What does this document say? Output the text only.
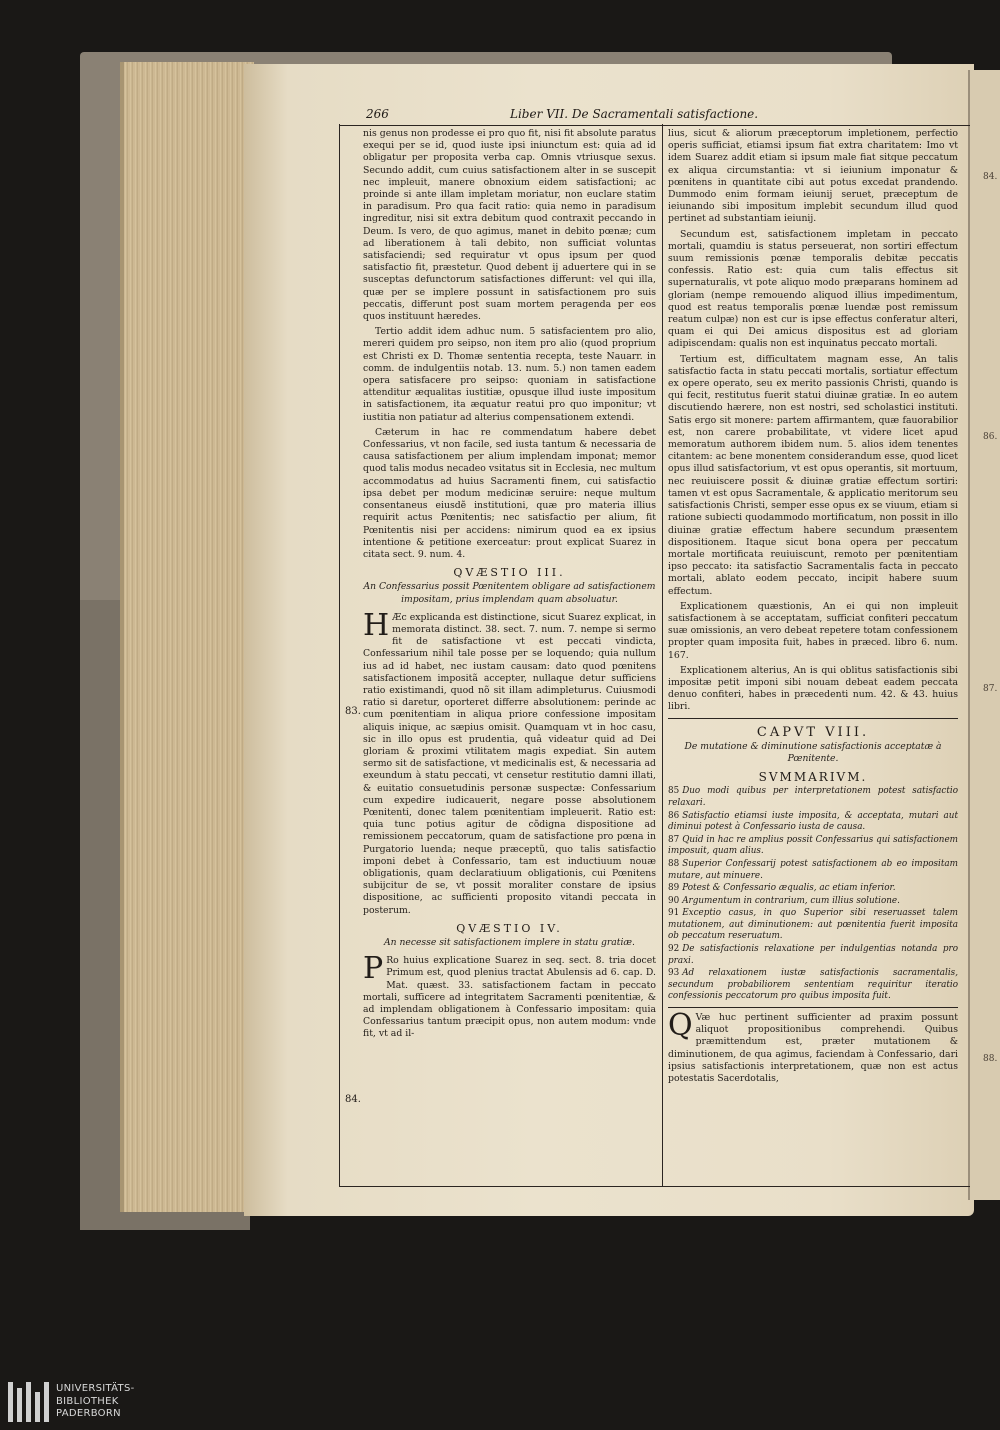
84.
86.
87.
88.
266	Liber VII. De Sacramentali satisfactione.
83.
84.

nis genus non prodesse ei pro quo fit, nisi fit absolute paratus exequi per se id, quod iuste ipsi iniunctum est: quia ad id obligatur per proposita verba cap. Omnis vtriusque sexus. Secundo addit, cum cuius satisfactionem alter in se suscepit nec impleuit, manere obnoxium eidem satisfactioni; ac proinde si ante illam impletam moriatur, non euclare statim in paradisum. Pro qua facit ratio: quia nemo in paradisum ingreditur, nisi sit extra debitum quod contraxit peccando in Deum. Is vero, de quo agimus, manet in debito pœnæ; cum ad liberationem à tali debito, non sufficiat voluntas satisfaciendi; sed requiratur vt opus ipsum per quod satisfactio fit, præstetur. Quod debent ij aduertere qui in se susceptas defunctorum satisfactiones differunt: vel qui illa, quæ per se implere possunt in satisfactionem pro suis peccatis, differunt post suam mortem peragenda per eos quos instituunt hæredes.

Tertio addit idem adhuc num. 5 satisfacientem pro alio, mereri quidem pro seipso, non item pro alio (quod proprium est Christi ex D. Thomæ sententia recepta, teste Nauarr. in comm. de indulgentiis notab. 13. num. 5.) non tamen eadem opera satisfacere pro seipso: quoniam in satisfactione attenditur æqualitas iustitiæ, opusque illud iuste impositum in satisfactionem, ita æquatur reatui pro quo imponitur; vt iustitia non patiatur ad alterius compensationem extendi.

Cæterum in hac re commendatum habere debet Confessarius, vt non facile, sed iusta tantum & necessaria de causa satisfactionem per alium implendam imponat; memor quod talis modus necadeo vsitatus sit in Ecclesia, nec multum accommodatus ad huius Sacramenti finem, cui satisfactio ipsa debet per modum medicinæ seruire: neque multum consentaneus eiusdẽ institutioni, quæ pro materia illius requirit actus Pœnitentis; nec satisfactio per alium, fit Pœnitentis nisi per accidens: nimirum quod ea ex ipsius intentione & petitione exerceatur: prout explicat Suarez in citata sect. 9. num. 4.

QVÆSTIO III.
An Confessarius possit Pœnitentem obligare ad satisfactionem impositam, prius implendam quam absoluatur.

H Æc explicanda est distinctione, sicut Suarez explicat, in memorata distinct. 38. sect. 7. num. 7. nempe si sermo fit de satisfactione vt est peccati vindicta, Confessarium nihil tale posse per se loquendo; quia nullum ius ad id habet, nec iustam causam: dato quod pœnitens satisfactionem impositã accepter, nullaque detur sufficiens ratio existimandi, quod nõ sit illam adimpleturus. Cuiusmodi ratio si daretur, oporteret differre absolutionem: perinde ac cum pœnitentiam in aliqua priore confessione impositam aliquis inique, ac sæpius omisit. Quamquam vt in hoc casu, sic in illo opus est prudentia, quâ videatur quid ad Dei gloriam & proximi vtilitatem magis expediat. Sin autem sermo sit de satisfactione, vt medicinalis est, & necessaria ad exeundum à statu peccati, vt censetur restitutio damni illati, & euitatio consuetudinis personæ suspectæ: Confessarium cum expedire iudicauerit, negare posse absolutionem Pœnitenti, donec talem pœnitentiam impleuerit. Ratio est: quia tunc potius agitur de cõdigna dispositione ad remissionem peccatorum, quam de satisfactione pro pœna in Purgatorio luenda; neque præceptũ, quo talis satisfactio imponi debet à Confessario, tam est inductiuum nouæ obligationis, quam declaratiuum obligationis, cui Pœnitens subijcitur de se, vt possit moraliter constare de ipsius dispositione, ac sufficienti proposito vitandi peccata in posterum.

QVÆSTIO IV.
An necesse sit satisfactionem implere in statu gratiæ.

P Ro huius explicatione Suarez in seq. sect. 8. tria docet Primum est, quod plenius tractat Abulensis ad 6. cap. D. Mat. quæst. 33. satisfactionem factam in peccato mortali, sufficere ad integritatem Sacramenti pœnitentiæ, & ad implendam obligationem à Confessario impositam: quia Confessarius tantum præcipit opus, non autem modum: vnde fit, vt ad il-

lius, sicut & aliorum præceptorum impletionem, perfectio operis sufficiat, etiamsi ipsum fiat extra charitatem: Imo vt idem Suarez addit etiam si ipsum male fiat sitque peccatum ex aliqua circumstantia: vt si ieiunium imponatur & pœnitens in quantitate cibi aut potus excedat prandendo. Dummodo enim formam ieiunij seruet, præceptum de ieiunando sibi impositum implebit secundum illud quod pertinet ad substantiam ieiunij.

Secundum est, satisfactionem impletam in peccato mortali, quamdiu is status perseuerat, non sortiri effectum suum remissionis pœnæ temporalis debitæ peccatis confessis. Ratio est: quia cum talis effectus sit supernaturalis, vt pote aliquo modo præparans hominem ad gloriam (nempe remouendo aliquod illius impedimentum, quod est reatus temporalis pœnæ luendæ post remissum reatum culpæ) non est cur is ipse effectus conferatur alteri, quam ei qui Dei amicus dispositus est ad gloriam adipiscendam: qualis non est inquinatus peccato mortali.

Tertium est, difficultatem magnam esse, An talis satisfactio facta in statu peccati mortalis, sortiatur effectum ex opere operato, seu ex merito passionis Christi, quando is qui fecit, restitutus fuerit statui diuinæ gratiæ. In eo autem discutiendo hærere, non est nostri, sed scholastici instituti. Satis ergo sit monere: partem affirmantem, quæ fauorabilior est, non carere probabilitate, vt videre licet apud memoratum authorem ibidem num. 5. alios idem tenentes citantem: ac bene monentem considerandum esse, quod licet opus illud satisfactorium, vt est opus operantis, sit mortuum, nec reuiuiscere possit & diuinæ gratiæ effectum sortiri: tamen vt est opus Sacramentale, & applicatio meritorum seu satisfactionis Christi, semper esse opus ex se viuum, etiam si ratione subiecti quodammodo mortificatum, non possit in illo diuinæ gratiæ effectum habere secundum præsentem dispositionem. Itaque sicut bona opera per peccatum mortale mortificata reuiuiscunt, remoto per pœnitentiam ipso peccato: ita satisfactio Sacramentalis facta in peccato mortali, ablato eodem peccato, incipit habere suum effectum.

Explicationem quæstionis, An ei qui non impleuit satisfactionem à se acceptatam, sufficiat confiteri peccatum suæ omissionis, an vero debeat repetere totam confessionem propter quam imposita fuit, habes in præced. libro 6. num. 167.

Explicationem alterius, An is qui oblitus satisfactionis sibi impositæ petit imponi sibi nouam debeat eadem peccata denuo confiteri, habes in præcedenti num. 42. & 43. huius libri.

CAPVT VIII.
De mutatione & diminutione satisfactionis acceptatæ à Pœnitente.
SVMMARIVM.
85 Duo modi quibus per interpretationem potest satisfactio relaxari.
86 Satisfactio etiamsi iuste imposita, & acceptata, mutari aut diminui potest à Confessario iusta de causa.
87 Quid in hac re amplius possit Confessarius qui satisfactionem imposuit, quam alius.
88 Superior Confessarij potest satisfactionem ab eo impositam mutare, aut minuere.
89 Potest & Confessario æqualis, ac etiam inferior.
90 Argumentum in contrarium, cum illius solutione.
91 Exceptio casus, in quo Superior sibi reseruasset talem mutationem, aut diminutionem: aut pœnitentia fuerit imposita ob peccatum reseruatum.
92 De satisfactionis relaxatione per indulgentias notanda pro praxi.
93 Ad relaxationem iustæ satisfactionis sacramentalis, secundum probabiliorem sententiam requiritur iteratio confessionis peccatorum pro quibus imposita fuit.

Q Væ huc pertinent sufficienter ad praxim possunt aliquot propositionibus comprehendi. Quibus præmittendum est, præter mutationem & diminutionem, de qua agimus, faciendam à Confessario, dari ipsius satisfactionis interpretationem, quæ non est actus potestatis Sacerdotalis,

UNIVERSITÄTS-
BIBLIOTHEK
PADERBORN
